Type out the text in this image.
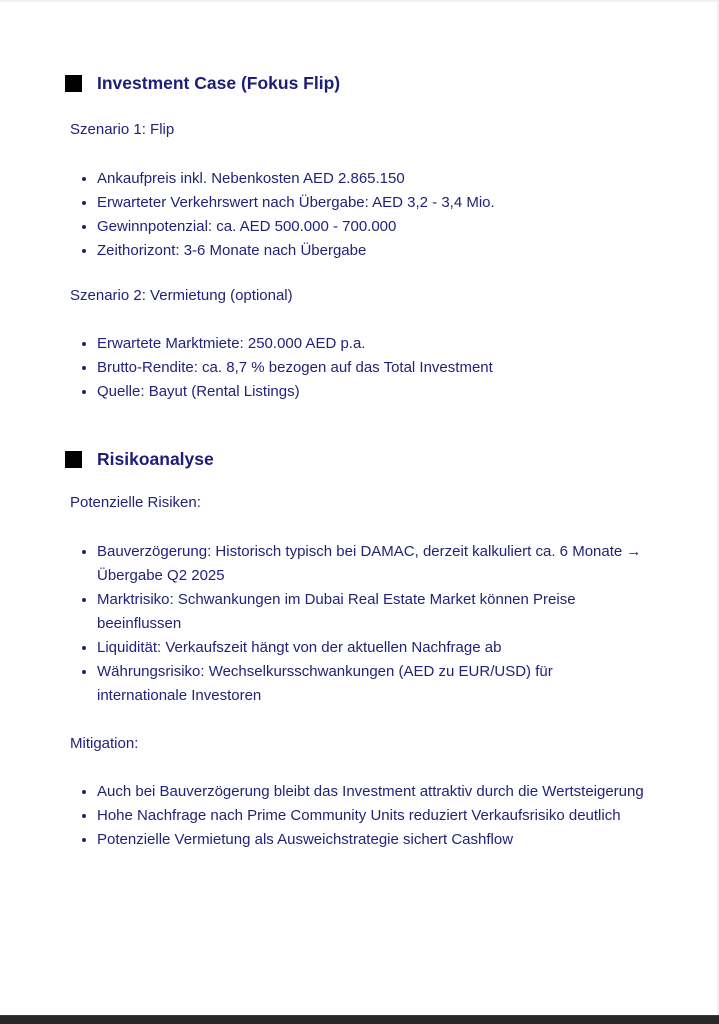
Investment Case (Fokus Flip)

Szenario 1: Flip

• Ankaufpreis inkl. Nebenkosten AED 2.865.150
• Erwarteter Verkehrswert nach Übergabe: AED 3,2 - 3,4 Mio.
• Gewinnpotenzial: ca. AED 500.000 - 700.000
• Zeithorizont: 3-6 Monate nach Übergabe

Szenario 2: Vermietung (optional)

• Erwartete Marktmiete: 250.000 AED p.a.
• Brutto-Rendite: ca. 8,7 % bezogen auf das Total Investment
• Quelle: Bayut (Rental Listings)
Risikoanalyse

Potenzielle Risiken:

• Bauverzögerung: Historisch typisch bei DAMAC, derzeit kalkuliert ca. 6 Monate → Übergabe Q2 2025
• Marktrisiko: Schwankungen im Dubai Real Estate Market können Preise beeinflussen
• Liquidität: Verkaufszeit hängt von der aktuellen Nachfrage ab
• Währungsrisiko: Wechselkursschwankungen (AED zu EUR/USD) für internationale Investoren

Mitigation:

• Auch bei Bauverzögerung bleibt das Investment attraktiv durch die Wertsteigerung
• Hohe Nachfrage nach Prime Community Units reduziert Verkaufsrisiko deutlich
• Potenzielle Vermietung als Ausweichstrategie sichert Cashflow
